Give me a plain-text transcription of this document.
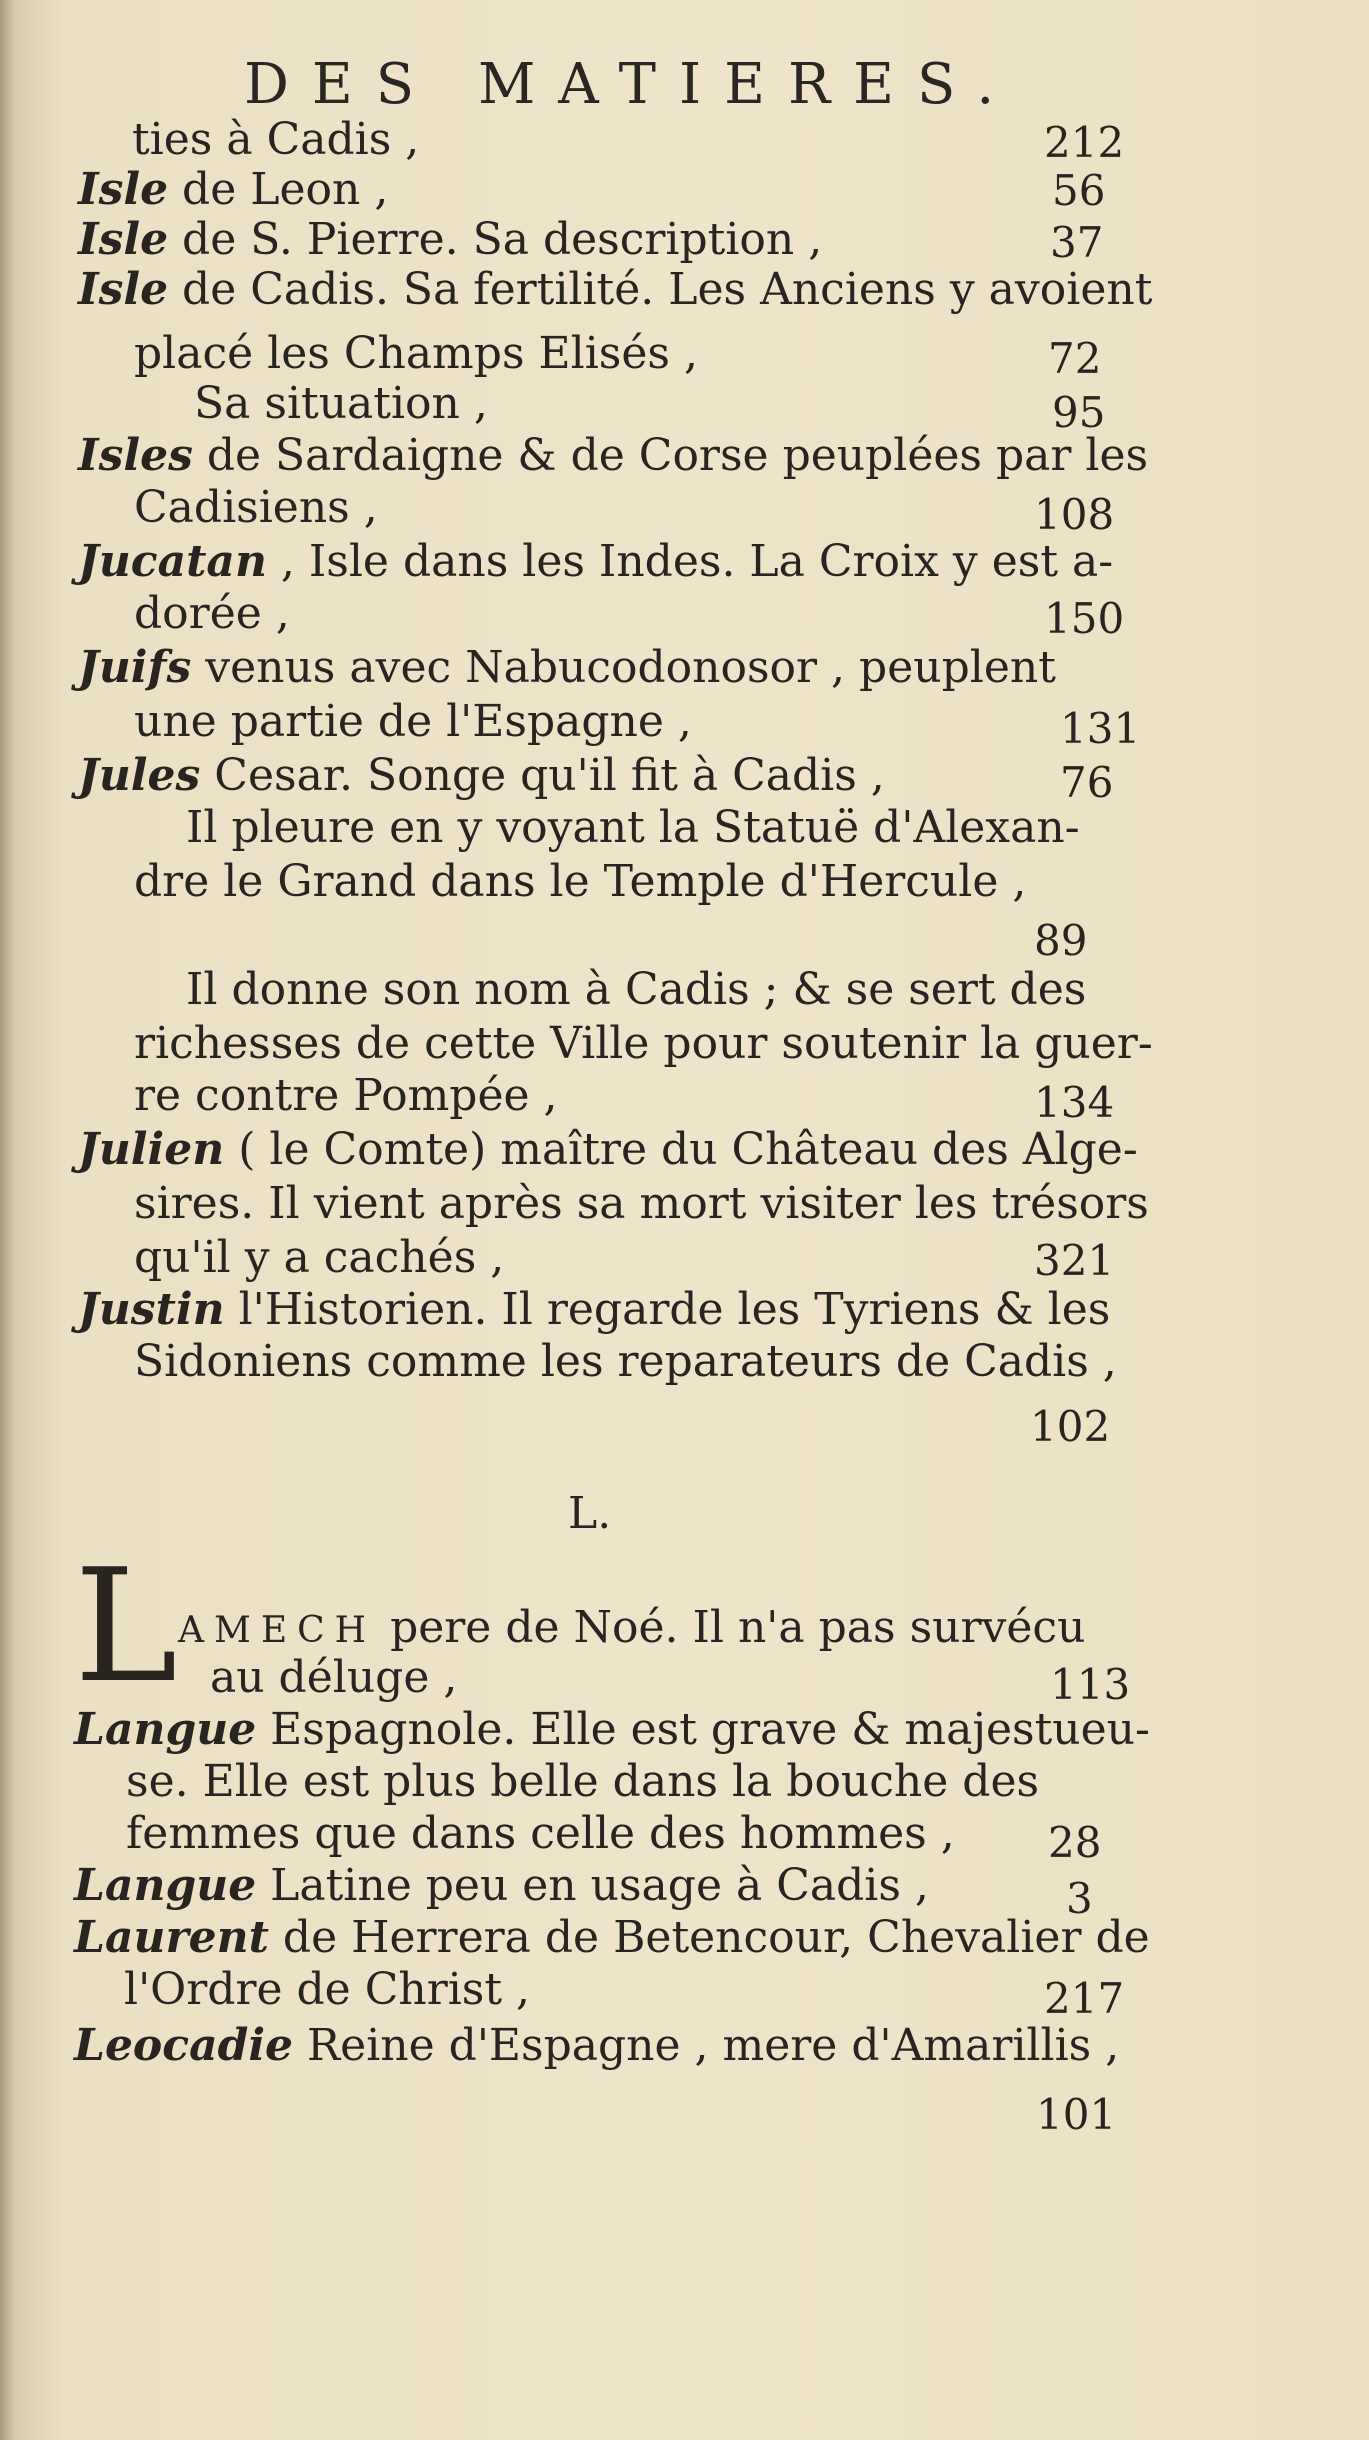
DES MATIERES.
ties à Cadis ,	212
Isle de Leon ,	56
Isle de S. Pierre. Sa description ,	37
Isle de Cadis. Sa fertilité. Les Anciens y avoient
placé les Champs Elisés ,	72
Sa situation ,	95
Isles de Sardaigne & de Corse peuplées par les
Cadisiens ,	108
Jucatan , Isle dans les Indes. La Croix y est a-
dorée ,	150
Juifs venus avec Nabucodonosor , peuplent
une partie de l'Espagne ,	131
Jules Cesar. Songe qu'il fit à Cadis ,	76
Il pleure en y voyant la Statuë d'Alexan-
dre le Grand dans le Temple d'Hercule ,
89
Il donne son nom à Cadis ; & se sert des
richesses de cette Ville pour soutenir la guer-
re contre Pompée ,	134
Julien ( le Comte) maître du Château des Alge-
sires. Il vient après sa mort visiter les trésors
qu'il y a cachés ,	321
Justin l'Historien. Il regarde les Tyriens & les
Sidoniens comme les reparateurs de Cadis ,
102
L.
L AMECH pere de Noé. Il n'a pas survécu
au déluge ,	113
Langue Espagnole. Elle est grave & majestueu-
se. Elle est plus belle dans la bouche des
femmes que dans celle des hommes , 28
Langue Latine peu en usage à Cadis ,	3
Laurent de Herrera de Betencour, Chevalier de
l'Ordre de Christ ,	217
Leocadie Reine d'Espagne , mere d'Amarillis ,
101
